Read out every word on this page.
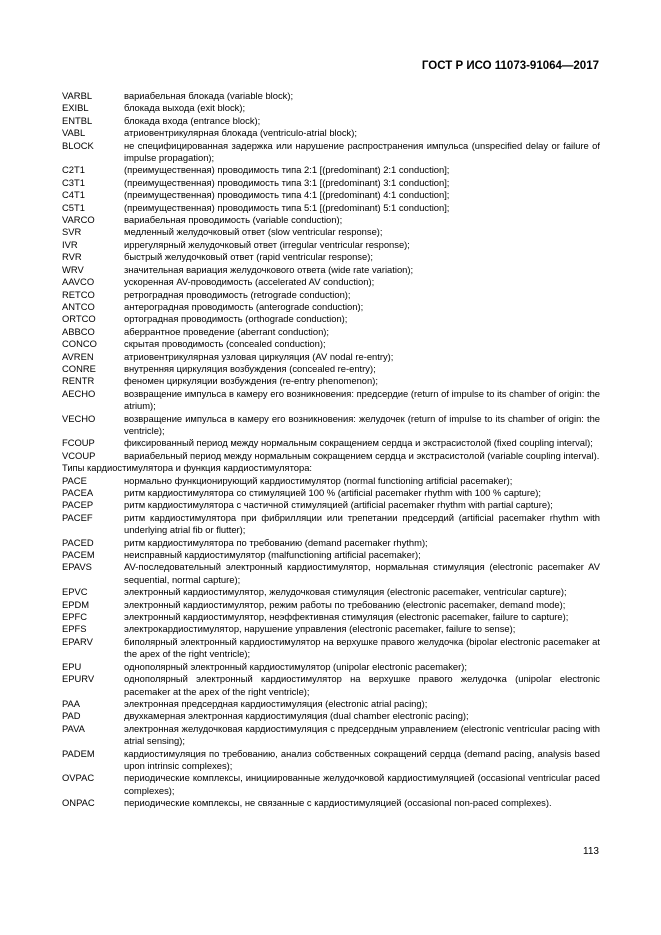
ГОСТ Р ИСО 11073-91064—2017
VARBL	вариабельная блокада (variable block);
EXIBL	блокада выхода (exit block);
ENTBL	блокада входа (entrance block);
VABL	атриовентрикулярная блокада (ventriculo-atrial block);
BLOCK	не специфицированная задержка или нарушение распространения импульса (unspecified delay or failure of impulse propagation);
C2T1	(преимущественная) проводимость типа 2:1 [(predominant) 2:1 conduction];
C3T1	(преимущественная) проводимость типа 3:1 [(predominant) 3:1 conduction];
C4T1	(преимущественная) проводимость типа 4:1 [(predominant) 4:1 conduction];
C5T1	(преимущественная) проводимость типа 5:1 [(predominant) 5:1 conduction];
VARCO	вариабельная проводимость (variable conduction);
SVR	медленный желудочковый ответ (slow ventricular response);
IVR	иррегулярный желудочковый ответ (irregular ventricular response);
RVR	быстрый желудочковый ответ (rapid ventricular response);
WRV	значительная вариация желудочкового ответа (wide rate variation);
AAVCO	ускоренная AV-проводимость (accelerated AV conduction);
RETCO	ретроградная проводимость (retrograde conduction);
ANTCO	антероградная проводимость (anterograde conduction);
ORTCO	ортоградная проводимость (orthograde conduction);
ABBCO	аберрантное проведение (aberrant conduction);
CONCO	скрытая проводимость (concealed conduction);
AVREN	атриовентрикулярная узловая циркуляция (AV nodal re-entry);
CONRE	внутренняя циркуляция возбуждения (concealed re-entry);
RENTR	феномен циркуляции возбуждения (re-entry phenomenon);
AECHO	возвращение импульса в камеру его возникновения: предсердие (return of impulse to its chamber of origin: the atrium);
VECHO	возвращение импульса в камеру его возникновения: желудочек (return of impulse to its chamber of origin: the ventricle);
FCOUP	фиксированный период между нормальным сокращением сердца и экстрасистолой (fixed coupling interval);
VCOUP	вариабельный период между нормальным сокращением сердца и экстрасистолой (variable coupling interval).
Типы кардиостимулятора и функция кардиостимулятора:
PACE	нормально функционирующий кардиостимулятор (normal functioning artificial pacemaker);
PACEA	ритм кардиостимулятора со стимуляцией 100 % (artificial pacemaker rhythm with 100 % capture);
PACEP	ритм кардиостимулятора с частичной стимуляцией (artificial pacemaker rhythm with partial capture);
PACEF	ритм кардиостимулятора при фибрилляции или трепетании предсердий (artificial pacemaker rhythm with underlying atrial fib or flutter);
PACED	ритм кардиостимулятора по требованию (demand pacemaker rhythm);
PACEM	неисправный кардиостимулятор (malfunctioning artificial pacemaker);
EPAVS	AV-последовательный электронный кардиостимулятор, нормальная стимуляция (electronic pacemaker AV sequential, normal capture);
EPVC	электронный кардиостимулятор, желудочковая стимуляция (electronic pacemaker, ventricular capture);
EPDM	электронный кардиостимулятор, режим работы по требованию (electronic pacemaker, demand mode);
EPFC	электронный кардиостимулятор, неэффективная стимуляция (electronic pacemaker, failure to capture);
EPFS	электрокардиостимулятор, нарушение управления (electronic pacemaker, failure to sense);
EPARV	биполярный электронный кардиостимулятор на верхушке правого желудочка (bipolar electronic pacemaker at the apex of the right ventricle);
EPU	однополярный электронный кардиостимулятор (unipolar electronic pacemaker);
EPURV	однополярный электронный кардиостимулятор на верхушке правого желудочка (unipolar electronic pacemaker at the apex of the right ventricle);
PAA	электронная предсердная кардиостимуляция (electronic atrial pacing);
PAD	двухкамерная электронная кардиостимуляция (dual chamber electronic pacing);
PAVA	электронная желудочковая кардиостимуляция с предсердным управлением (electronic ventricular pacing with atrial sensing);
PADEM	кардиостимуляция по требованию, анализ собственных сокращений сердца (demand pacing, analysis based upon intrinsic complexes);
OVPAC	периодические комплексы, инициированные желудочковой кардиостимуляцией (occasional ventricular paced complexes);
ONPAC	периодические комплексы, не связанные с кардиостимуляцией (occasional non-paced complexes).
113
